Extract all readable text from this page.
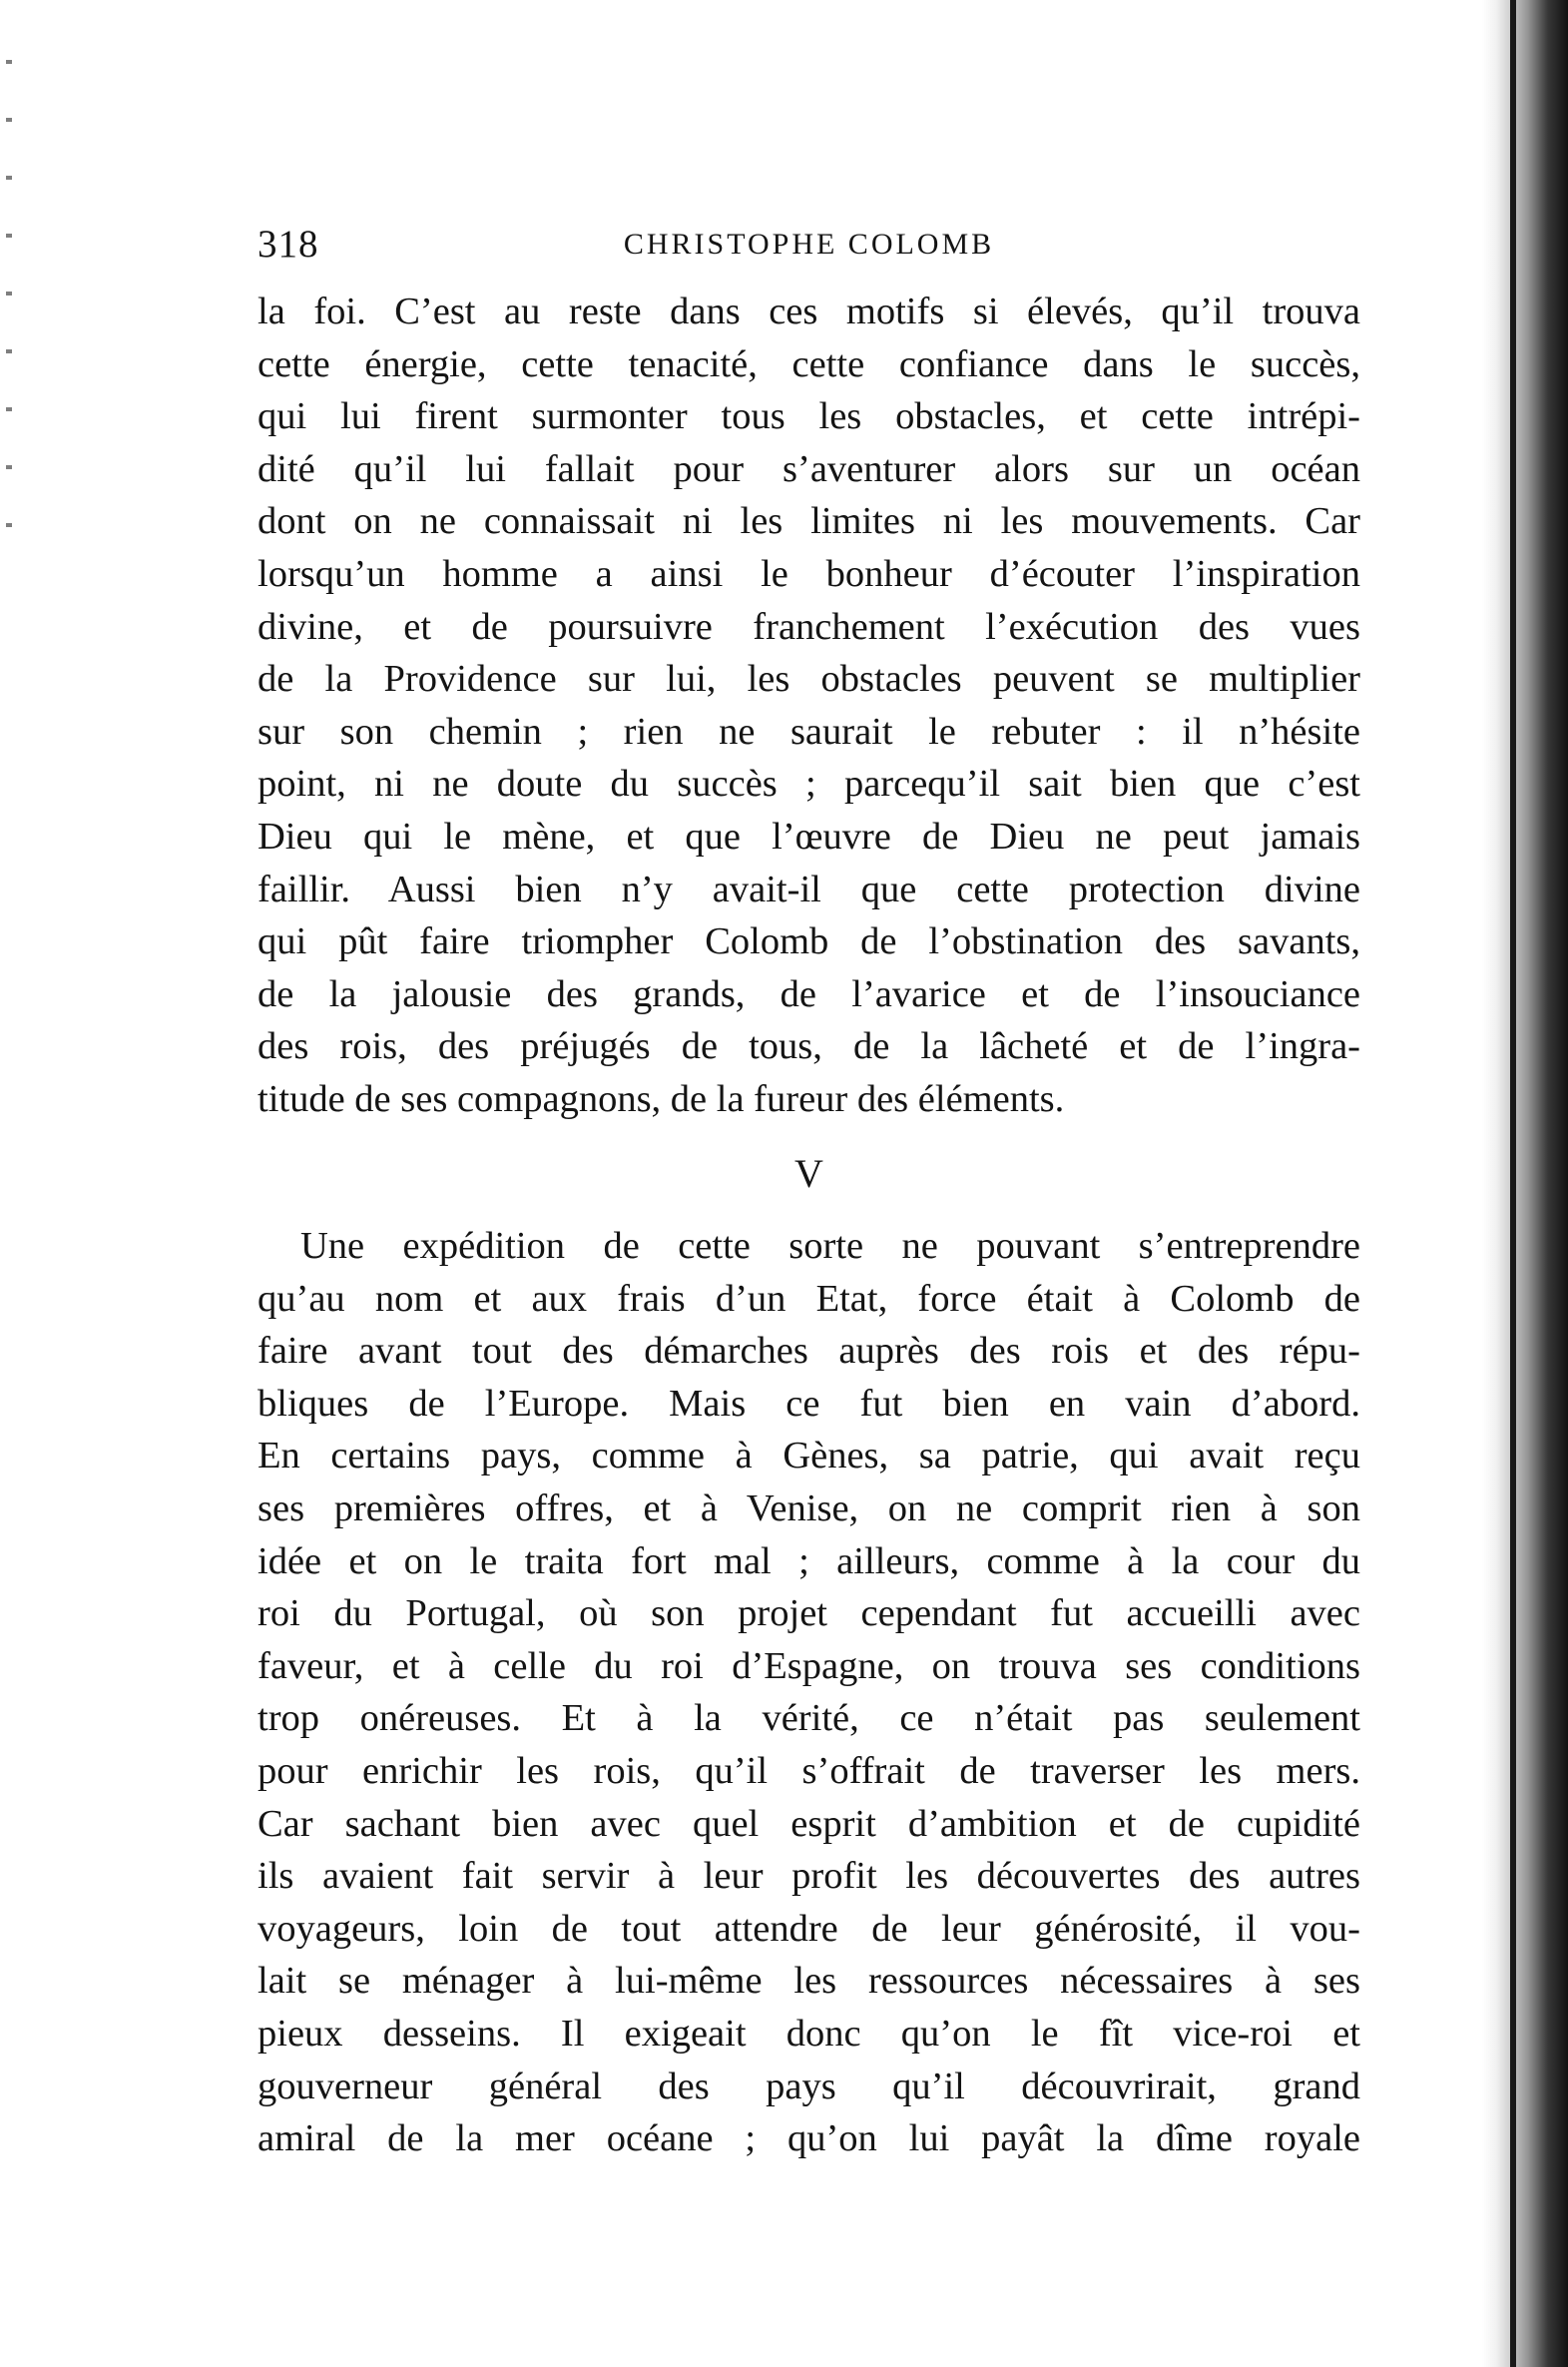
318	CHRISTOPHE COLOMB
la foi. C’est au reste dans ces motifs si élevés, qu’il trouva
cette énergie, cette tenacité, cette confiance dans le succès,
qui lui firent surmonter tous les obstacles, et cette intrépi-
dité qu’il lui fallait pour s’aventurer alors sur un océan
dont on ne connaissait ni les limites ni les mouvements. Car
lorsqu’un homme a ainsi le bonheur d’écouter l’inspiration
divine, et de poursuivre franchement l’exécution des vues
de la Providence sur lui, les obstacles peuvent se multiplier
sur son chemin ; rien ne saurait le rebuter : il n’hésite
point, ni ne doute du succès ; parcequ’il sait bien que c’est
Dieu qui le mène, et que l’œuvre de Dieu ne peut jamais
faillir. Aussi bien n’y avait-il que cette protection divine
qui pût faire triompher Colomb de l’obstination des savants,
de la jalousie des grands, de l’avarice et de l’insouciance
des rois, des préjugés de tous, de la lâcheté et de l’ingra-
titude de ses compagnons, de la fureur des éléments.
V
Une expédition de cette sorte ne pouvant s’entreprendre
qu’au nom et aux frais d’un Etat, force était à Colomb de
faire avant tout des démarches auprès des rois et des répu-
bliques de l’Europe. Mais ce fut bien en vain d’abord.
En certains pays, comme à Gènes, sa patrie, qui avait reçu
ses premières offres, et à Venise, on ne comprit rien à son
idée et on le traita fort mal ; ailleurs, comme à la cour du
roi du Portugal, où son projet cependant fut accueilli avec
faveur, et à celle du roi d’Espagne, on trouva ses conditions
trop onéreuses. Et à la vérité, ce n’était pas seulement
pour enrichir les rois, qu’il s’offrait de traverser les mers.
Car sachant bien avec quel esprit d’ambition et de cupidité
ils avaient fait servir à leur profit les découvertes des autres
voyageurs, loin de tout attendre de leur générosité, il vou-
lait se ménager à lui-même les ressources nécessaires à ses
pieux desseins. Il exigeait donc qu’on le fît vice-roi et
gouverneur général des pays qu’il découvrirait, grand
amiral de la mer océane ; qu’on lui payât la dîme royale
